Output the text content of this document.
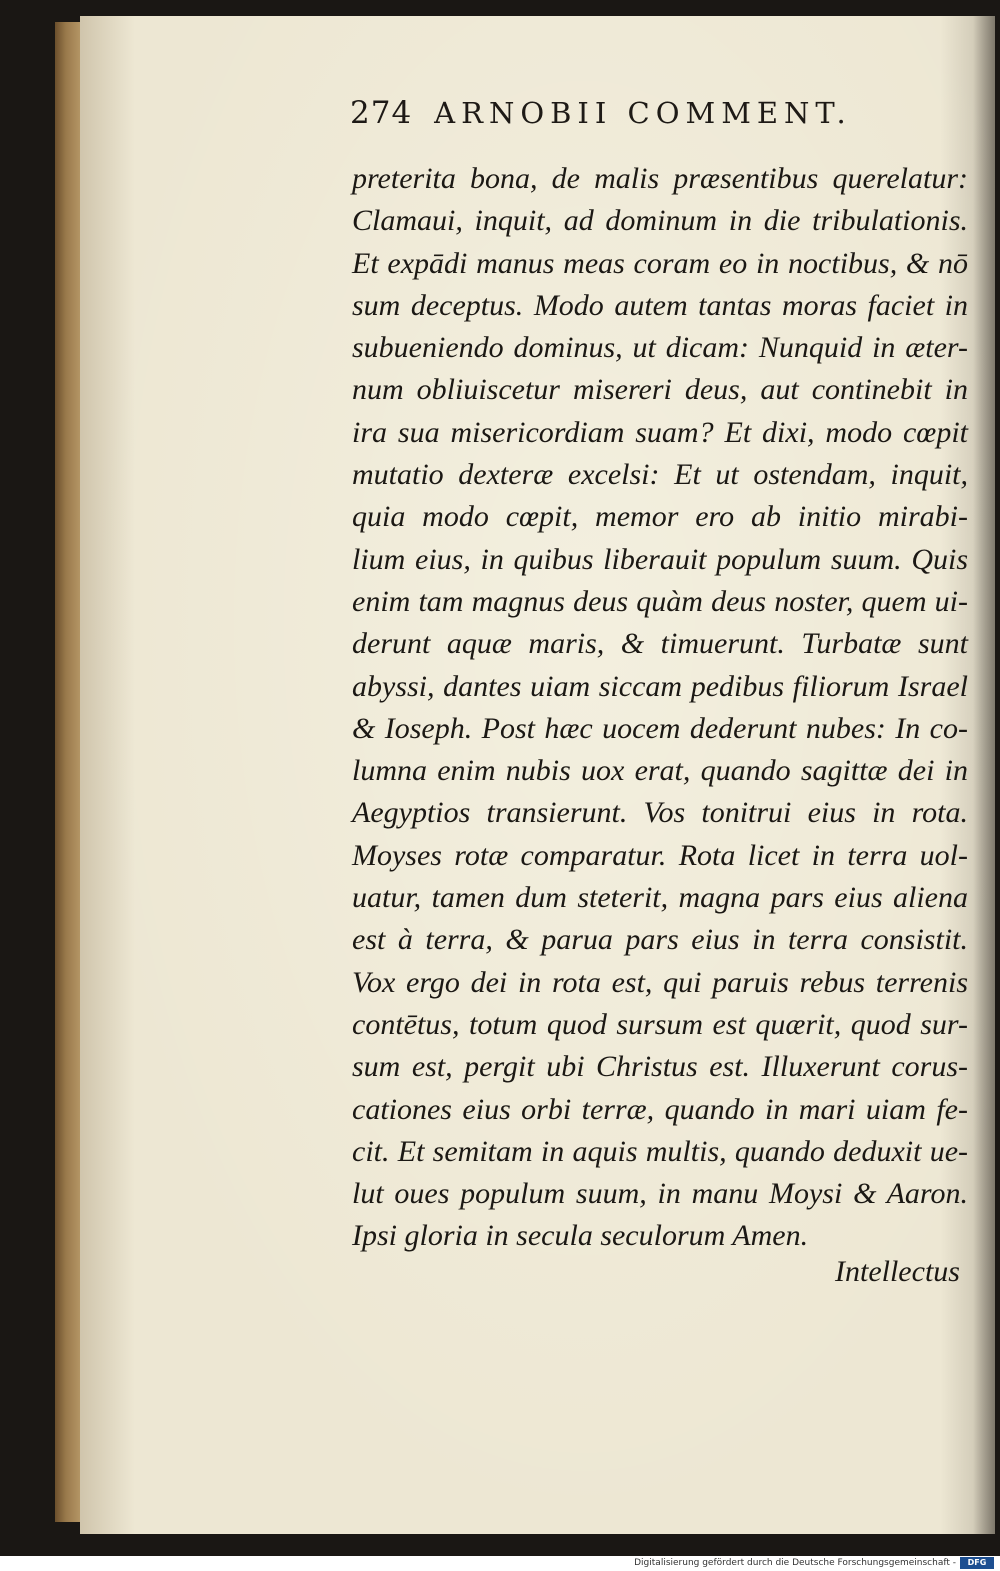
274 ARNOBII COMMENT.
preterita bona, de malis præsentibus querelatur:
Clamaui, inquit, ad dominum in die tribulationis.
Et expādi manus meas coram eo in noctibus, & nō
sum deceptus. Modo autem tantas moras faciet in
subueniendo dominus, ut dicam: Nunquid in æter-
num obliuiscetur misereri deus, aut continebit in
ira sua misericordiam suam? Et dixi, modo cœpit
mutatio dexteræ excelsi: Et ut ostendam, inquit,
quia modo cœpit, memor ero ab initio mirabi-
lium eius, in quibus liberauit populum suum. Quis
enim tam magnus deus quàm deus noster, quem ui-
derunt aquæ maris, & timuerunt. Turbatæ sunt
abyssi, dantes uiam siccam pedibus filiorum Israel
& Ioseph. Post hæc uocem dederunt nubes: In co-
lumna enim nubis uox erat, quando sagittæ dei in
Aegyptios transierunt. Vos tonitrui eius in rota.
Moyses rotæ comparatur. Rota licet in terra uol-
uatur, tamen dum steterit, magna pars eius aliena
est à terra, & parua pars eius in terra consistit.
Vox ergo dei in rota est, qui paruis rebus terrenis
contētus, totum quod sursum est quærit, quod sur-
sum est, pergit ubi Christus est. Illuxerunt corus-
cationes eius orbi terræ, quando in mari uiam fe-
cit. Et semitam in aquis multis, quando deduxit ue-
lut oues populum suum, in manu Moysi & Aaron.
Ipsi gloria in secula seculorum Amen.
Intellectus
Digitalisierung gefördert durch die Deutsche Forschungsgemeinschaft -	DFG
